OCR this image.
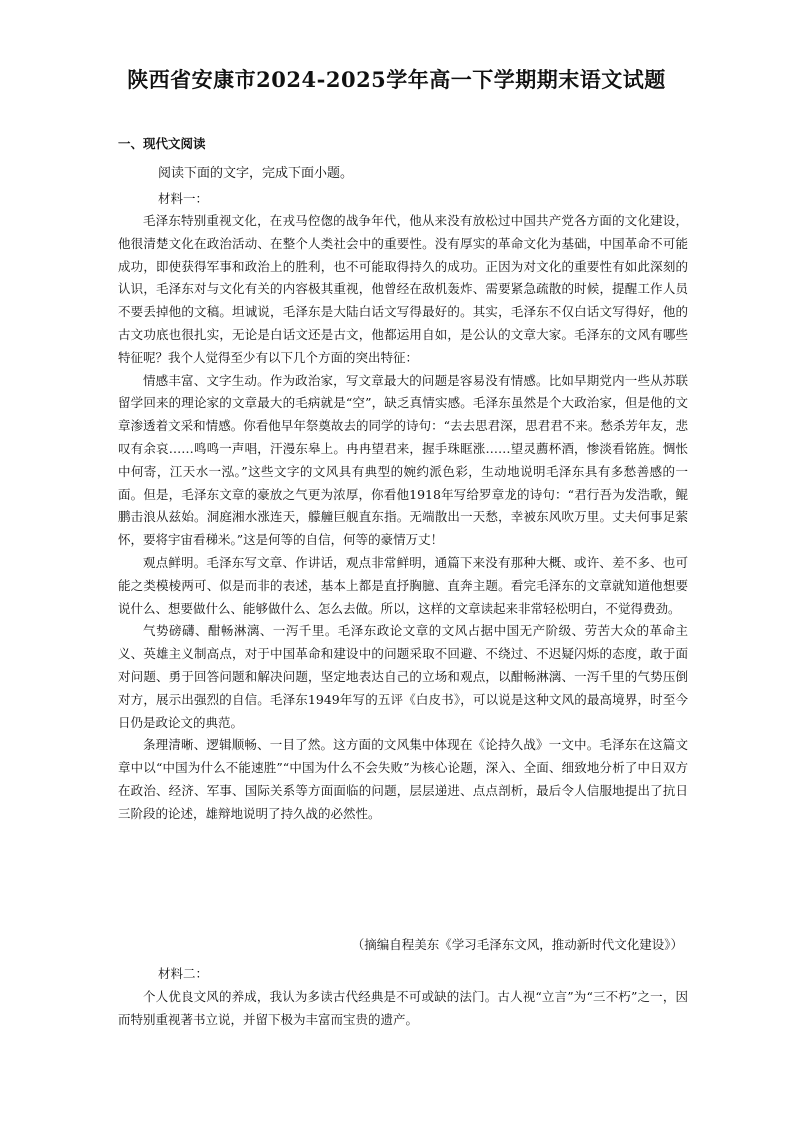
陕西省安康市2024-2025学年高一下学期期末语文试题
一、现代文阅读
阅读下面的文字，完成下面小题。
材料一：

毛泽东特别重视文化，在戎马倥偬的战争年代，他从来没有放松过中国共产党各方面的文化建设，他很清楚文化在政治活动、在整个人类社会中的重要性。没有厚实的革命文化为基础，中国革命不可能成功，即使获得军事和政治上的胜利，也不可能取得持久的成功。正因为对文化的重要性有如此深刻的认识，毛泽东对与文化有关的内容极其重视，他曾经在敌机轰炸、需要紧急疏散的时候，提醒工作人员不要丢掉他的文稿。坦诚说，毛泽东是大陆白话文写得最好的。其实，毛泽东不仅白话文写得好，他的古文功底也很扎实，无论是白话文还是古文，他都运用自如，是公认的文章大家。毛泽东的文风有哪些特征呢？我个人觉得至少有以下几个方面的突出特征：

情感丰富、文字生动。作为政治家，写文章最大的问题是容易没有情感。比如早期党内一些从苏联留学回来的理论家的文章最大的毛病就是“空”，缺乏真情实感。毛泽东虽然是个大政治家，但是他的文章渗透着文采和情感。你看他早年祭奠故去的同学的诗句：“去去思君深，思君君不来。愁杀芳年友，悲叹有余哀……鸣鸣一声唱，汗漫东皋上。冉冉望君来，握手珠眶涨……望灵薦杯酒，惨淡看铭旌。惆怅中何寄，江天水一泓。”这些文字的文风具有典型的婉约派色彩，生动地说明毛泽东具有多愁善感的一面。但是，毛泽东文章的豪放之气更为浓厚，你看他1918年写给罗章龙的诗句：“君行吾为发浩歌，鲲鹏击浪从兹始。洞庭湘水涨连天，艨艟巨舰直东指。无端散出一天愁，幸被东风吹万里。丈夫何事足萦怀，要将宇宙看稊米。”这是何等的自信，何等的豪情万丈！

观点鲜明。毛泽东写文章、作讲话，观点非常鲜明，通篇下来没有那种大概、或许、差不多、也可能之类模棱两可、似是而非的表述，基本上都是直抒胸臆、直奔主题。看完毛泽东的文章就知道他想要说什么、想要做什么、能够做什么、怎么去做。所以，这样的文章读起来非常轻松明白，不觉得费劲。

气势磅礴、酣畅淋漓、一泻千里。毛泽东政论文章的文风占据中国无产阶级、劳苦大众的革命主义、英雄主义制高点，对于中国革命和建设中的问题采取不回避、不绕过、不迟疑闪烁的态度，敢于面对问题、勇于回答问题和解决问题，坚定地表达自己的立场和观点，以酣畅淋漓、一泻千里的气势压倒对方，展示出强烈的自信。毛泽东1949年写的五评《白皮书》，可以说是这种文风的最高境界，时至今日仍是政论文的典范。

条理清晰、逻辑顺畅、一目了然。这方面的文风集中体现在《论持久战》一文中。毛泽东在这篇文章中以“中国为什么不能速胜”“中国为什么不会失败”为核心论题，深入、全面、细致地分析了中日双方在政治、经济、军事、国际关系等方面面临的问题，层层递进、点点剖析，最后令人信服地提出了抗日三阶段的论述，雄辩地说明了持久战的必然性。

（摘编自程美东《学习毛泽东文风，推动新时代文化建设》）
材料二：

个人优良文风的养成，我认为多读古代经典是不可或缺的法门。古人视“立言”为“三不朽”之一，因而特别重视著书立说，并留下极为丰富而宝贵的遗产。
